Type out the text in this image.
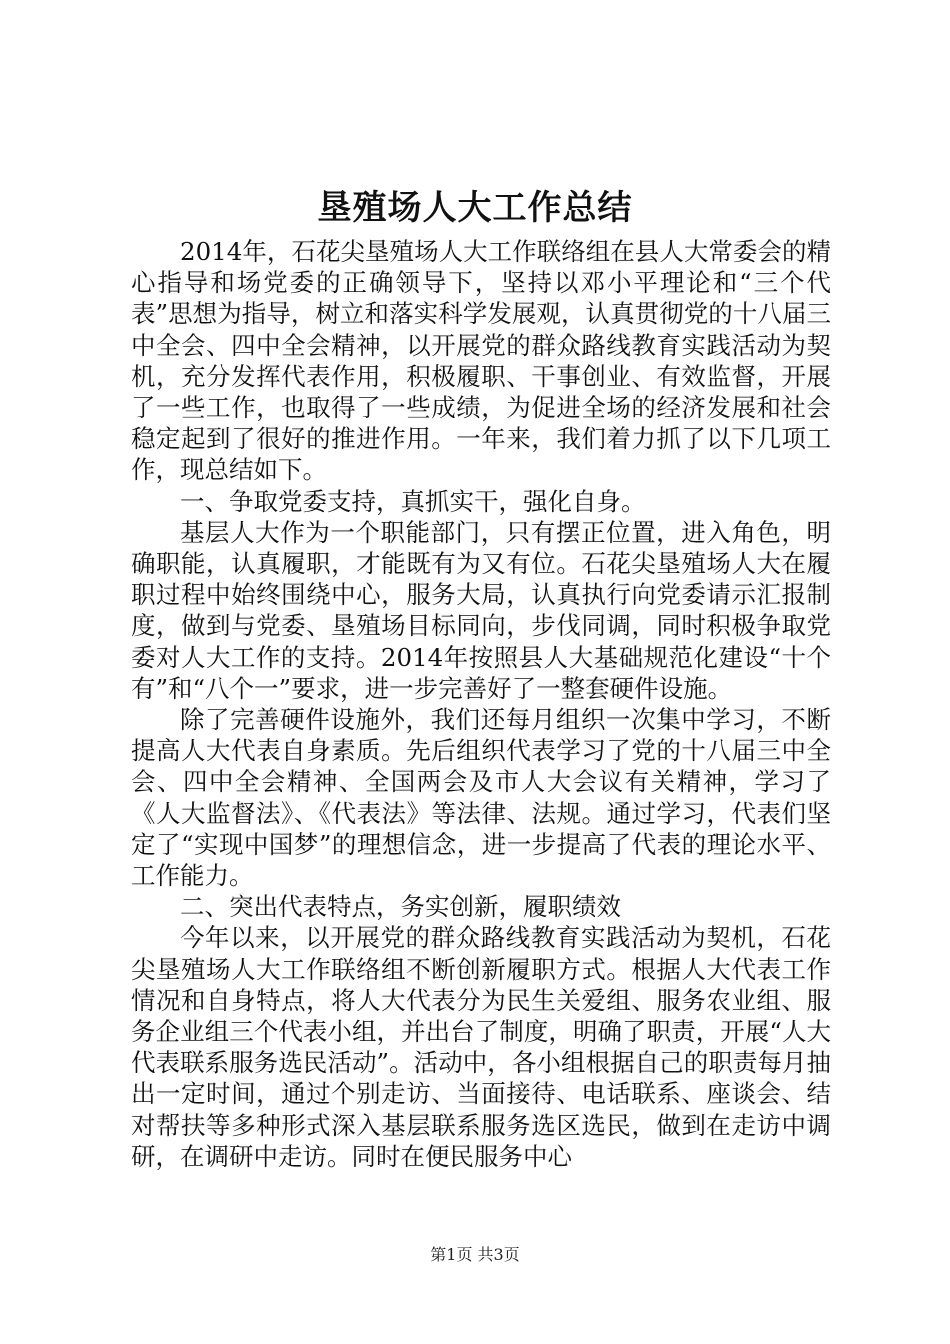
垦殖场人大工作总结

2014年，石花尖垦殖场人大工作联络组在县人大常委会的精心指导和场党委的正确领导下，坚持以邓小平理论和“三个代表”思想为指导，树立和落实科学发展观，认真贯彻党的十八届三中全会、四中全会精神，以开展党的群众路线教育实践活动为契机，充分发挥代表作用，积极履职、干事创业、有效监督，开展了一些工作，也取得了一些成绩，为促进全场的经济发展和社会稳定起到了很好的推进作用。一年来，我们着力抓了以下几项工作，现总结如下。

一、争取党委支持，真抓实干，强化自身。

基层人大作为一个职能部门，只有摆正位置，进入角色，明确职能，认真履职，才能既有为又有位。石花尖垦殖场人大在履职过程中始终围绕中心，服务大局，认真执行向党委请示汇报制度，做到与党委、垦殖场目标同向，步伐同调，同时积极争取党委对人大工作的支持。2014年按照县人大基础规范化建设“十个有”和“八个一”要求，进一步完善好了一整套硬件设施。

除了完善硬件设施外，我们还每月组织一次集中学习，不断提高人大代表自身素质。先后组织代表学习了党的十八届三中全会、四中全会精神、全国两会及市人大会议有关精神，学习了《人大监督法》、《代表法》等法律、法规。通过学习，代表们坚定了“实现中国梦”的理想信念，进一步提高了代表的理论水平、工作能力。

二、突出代表特点，务实创新，履职绩效

今年以来，以开展党的群众路线教育实践活动为契机，石花尖垦殖场人大工作联络组不断创新履职方式。根据人大代表工作情况和自身特点，将人大代表分为民生关爱组、服务农业组、服务企业组三个代表小组，并出台了制度，明确了职责，开展“人大代表联系服务选民活动”。活动中，各小组根据自己的职责每月抽出一定时间，通过个别走访、当面接待、电话联系、座谈会、结对帮扶等多种形式深入基层联系服务选区选民，做到在走访中调研，在调研中走访。同时在便民服务中心

第1页 共3页
